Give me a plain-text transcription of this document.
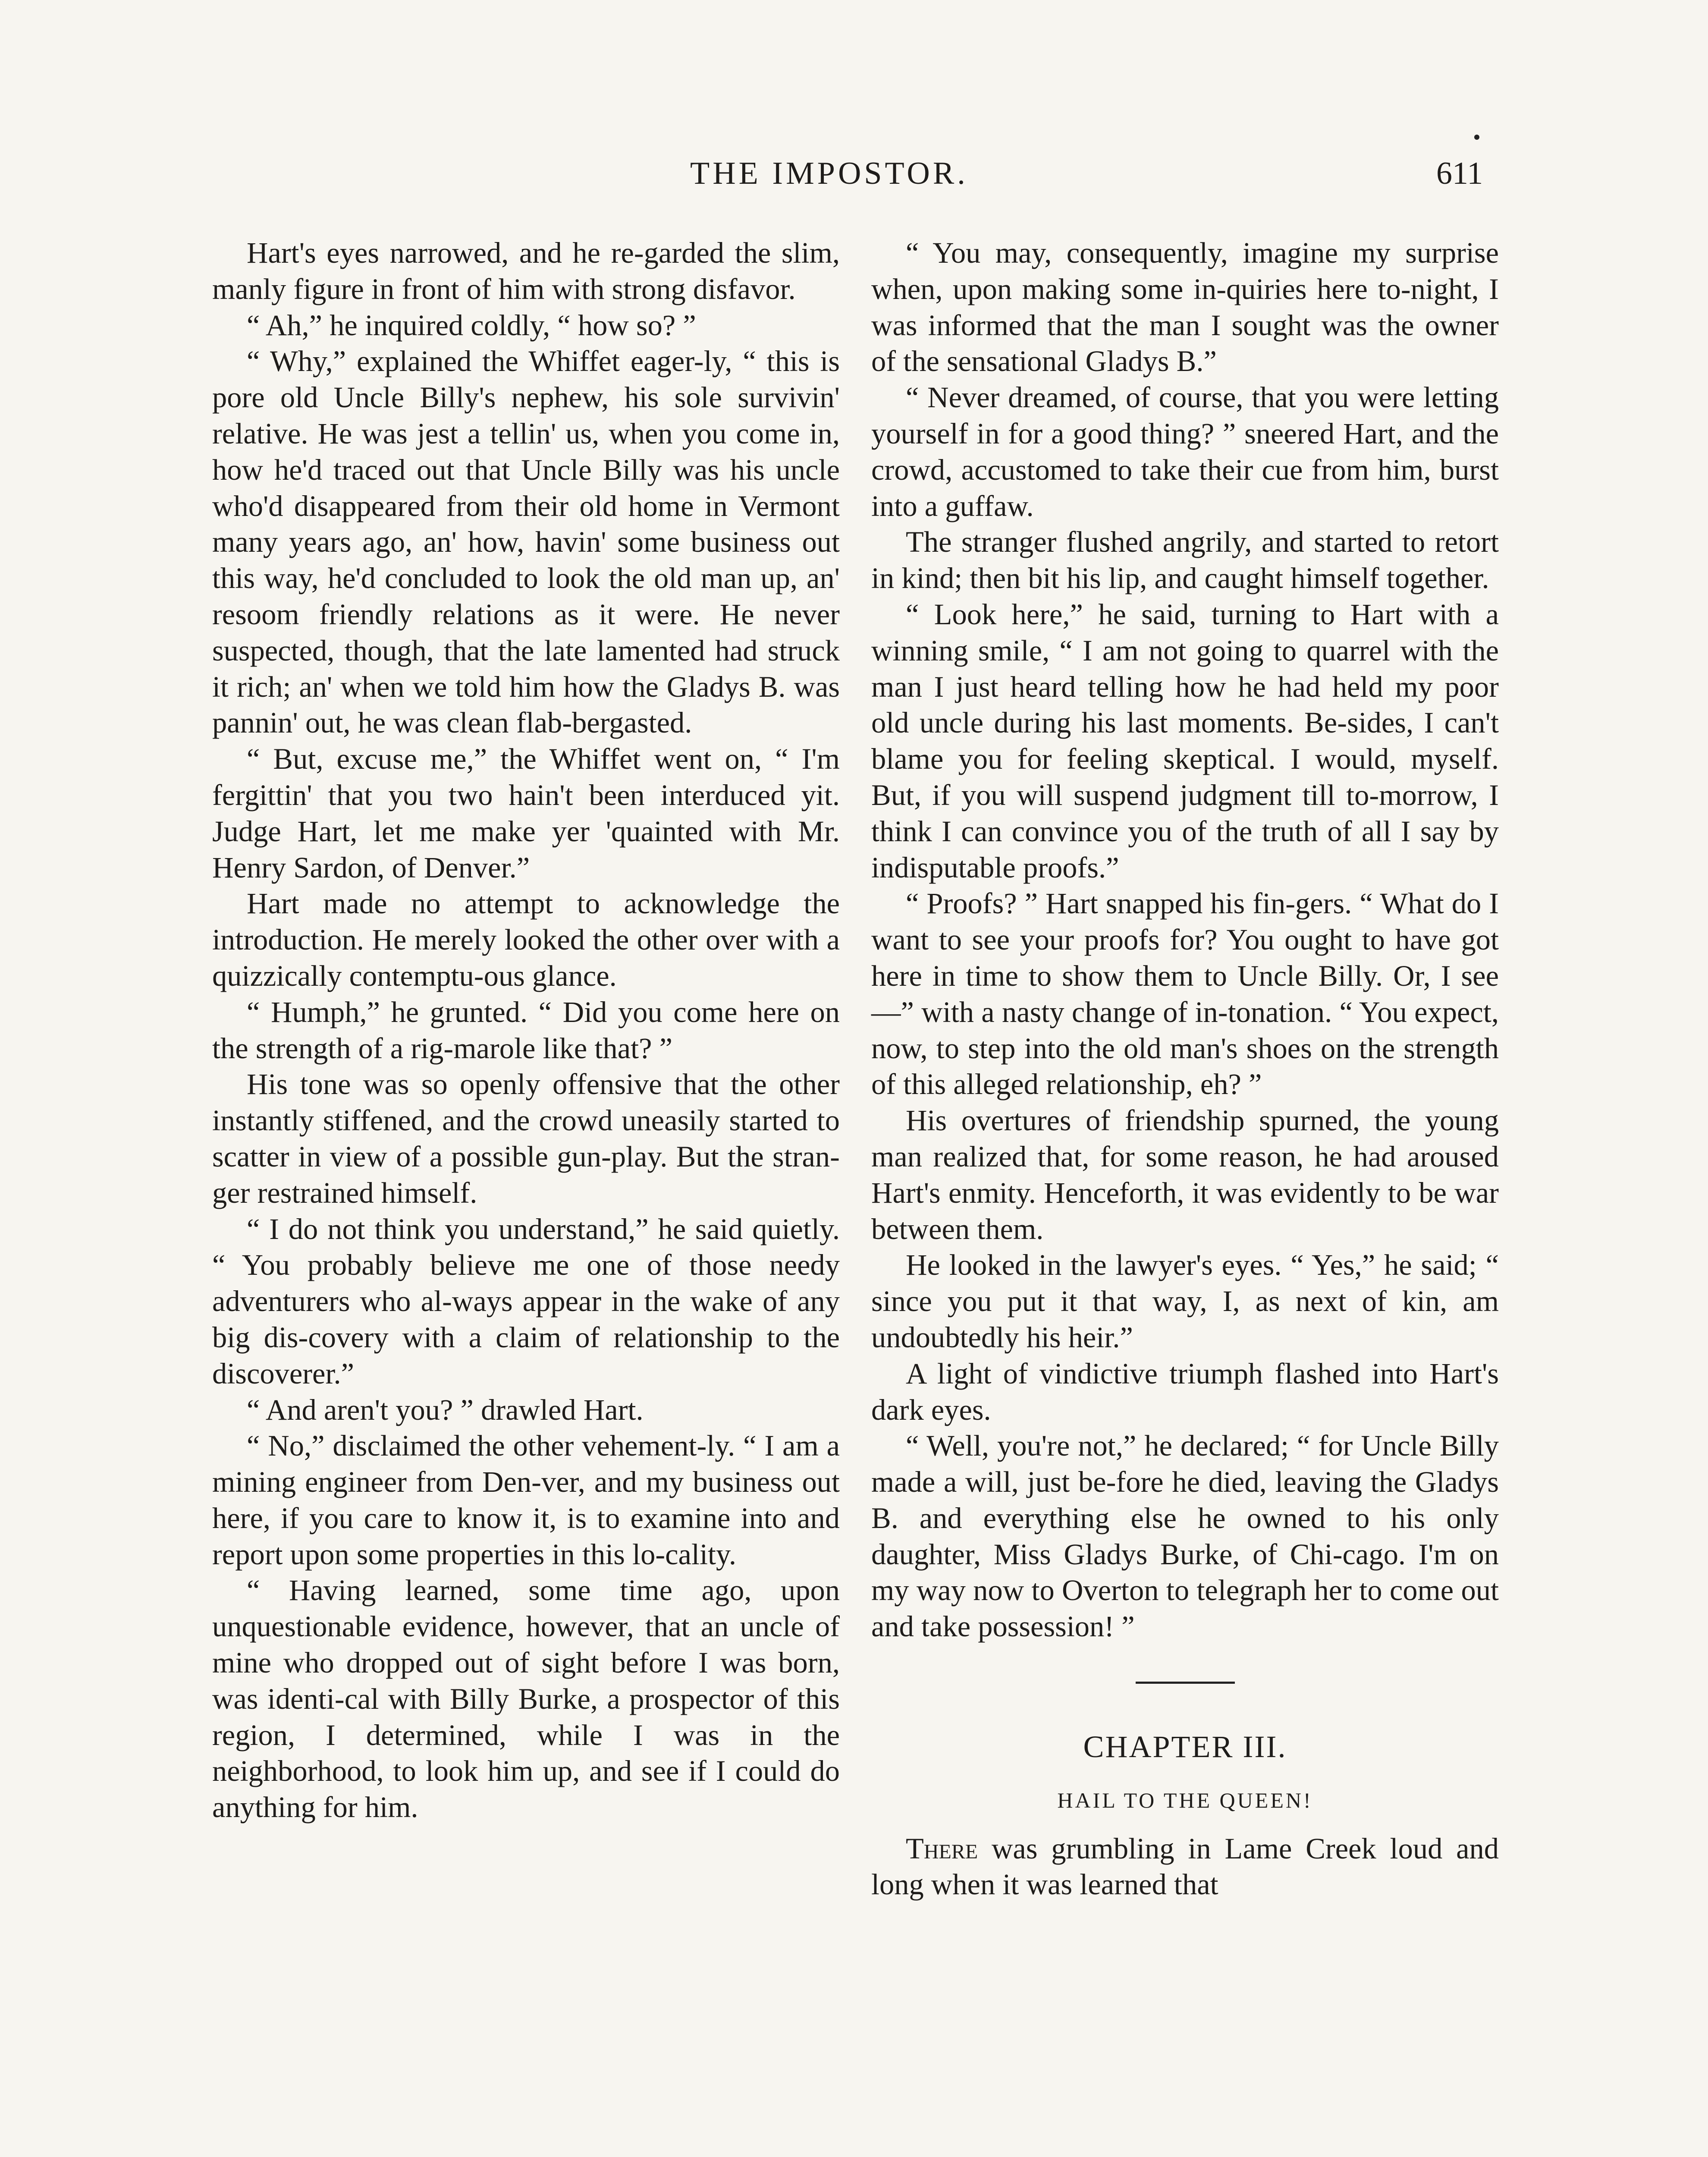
THE IMPOSTOR.	611

Hart's eyes narrowed, and he re-garded the slim, manly figure in front of him with strong disfavor.

“ Ah,” he inquired coldly, “ how so? ”

“ Why,” explained the Whiffet eager-ly, “ this is pore old Uncle Billy's nephew, his sole survivin' relative. He was jest a tellin' us, when you come in, how he'd traced out that Uncle Billy was his uncle who'd disappeared from their old home in Vermont many years ago, an' how, havin' some business out this way, he'd concluded to look the old man up, an' resoom friendly relations as it were. He never suspected, though, that the late lamented had struck it rich; an' when we told him how the Gladys B. was pannin' out, he was clean flab-bergasted.

“ But, excuse me,” the Whiffet went on, “ I'm fergittin' that you two hain't been interduced yit. Judge Hart, let me make yer 'quainted with Mr. Henry Sardon, of Denver.”

Hart made no attempt to acknowledge the introduction. He merely looked the other over with a quizzically contemptu-ous glance.

“ Humph,” he grunted. “ Did you come here on the strength of a rig-marole like that? ”

His tone was so openly offensive that the other instantly stiffened, and the crowd uneasily started to scatter in view of a possible gun-play. But the stran-ger restrained himself.

“ I do not think you understand,” he said quietly. “ You probably believe me one of those needy adventurers who al-ways appear in the wake of any big dis-covery with a claim of relationship to the discoverer.”

“ And aren't you? ” drawled Hart.

“ No,” disclaimed the other vehement-ly. “ I am a mining engineer from Den-ver, and my business out here, if you care to know it, is to examine into and report upon some properties in this lo-cality.

“ Having learned, some time ago, upon unquestionable evidence, however, that an uncle of mine who dropped out of sight before I was born, was identi-cal with Billy Burke, a prospector of this region, I determined, while I was in the neighborhood, to look him up, and see if I could do anything for him.

“ You may, consequently, imagine my surprise when, upon making some in-quiries here to-night, I was informed that the man I sought was the owner of the sensational Gladys B.”

“ Never dreamed, of course, that you were letting yourself in for a good thing? ” sneered Hart, and the crowd, accustomed to take their cue from him, burst into a guffaw.

The stranger flushed angrily, and started to retort in kind; then bit his lip, and caught himself together.

“ Look here,” he said, turning to Hart with a winning smile, “ I am not going to quarrel with the man I just heard telling how he had held my poor old uncle during his last moments. Be-sides, I can't blame you for feeling skeptical. I would, myself. But, if you will suspend judgment till to-morrow, I think I can convince you of the truth of all I say by indisputable proofs.”

“ Proofs? ” Hart snapped his fin-gers. “ What do I want to see your proofs for? You ought to have got here in time to show them to Uncle Billy. Or, I see—” with a nasty change of in-tonation. “ You expect, now, to step into the old man's shoes on the strength of this alleged relationship, eh? ”

His overtures of friendship spurned, the young man realized that, for some reason, he had aroused Hart's enmity. Henceforth, it was evidently to be war between them.

He looked in the lawyer's eyes. “ Yes,” he said; “ since you put it that way, I, as next of kin, am undoubtedly his heir.”

A light of vindictive triumph flashed into Hart's dark eyes.

“ Well, you're not,” he declared; “ for Uncle Billy made a will, just be-fore he died, leaving the Gladys B. and everything else he owned to his only daughter, Miss Gladys Burke, of Chi-cago. I'm on my way now to Overton to telegraph her to come out and take possession! ”

CHAPTER III.

HAIL TO THE QUEEN!

There was grumbling in Lame Creek loud and long when it was learned that
